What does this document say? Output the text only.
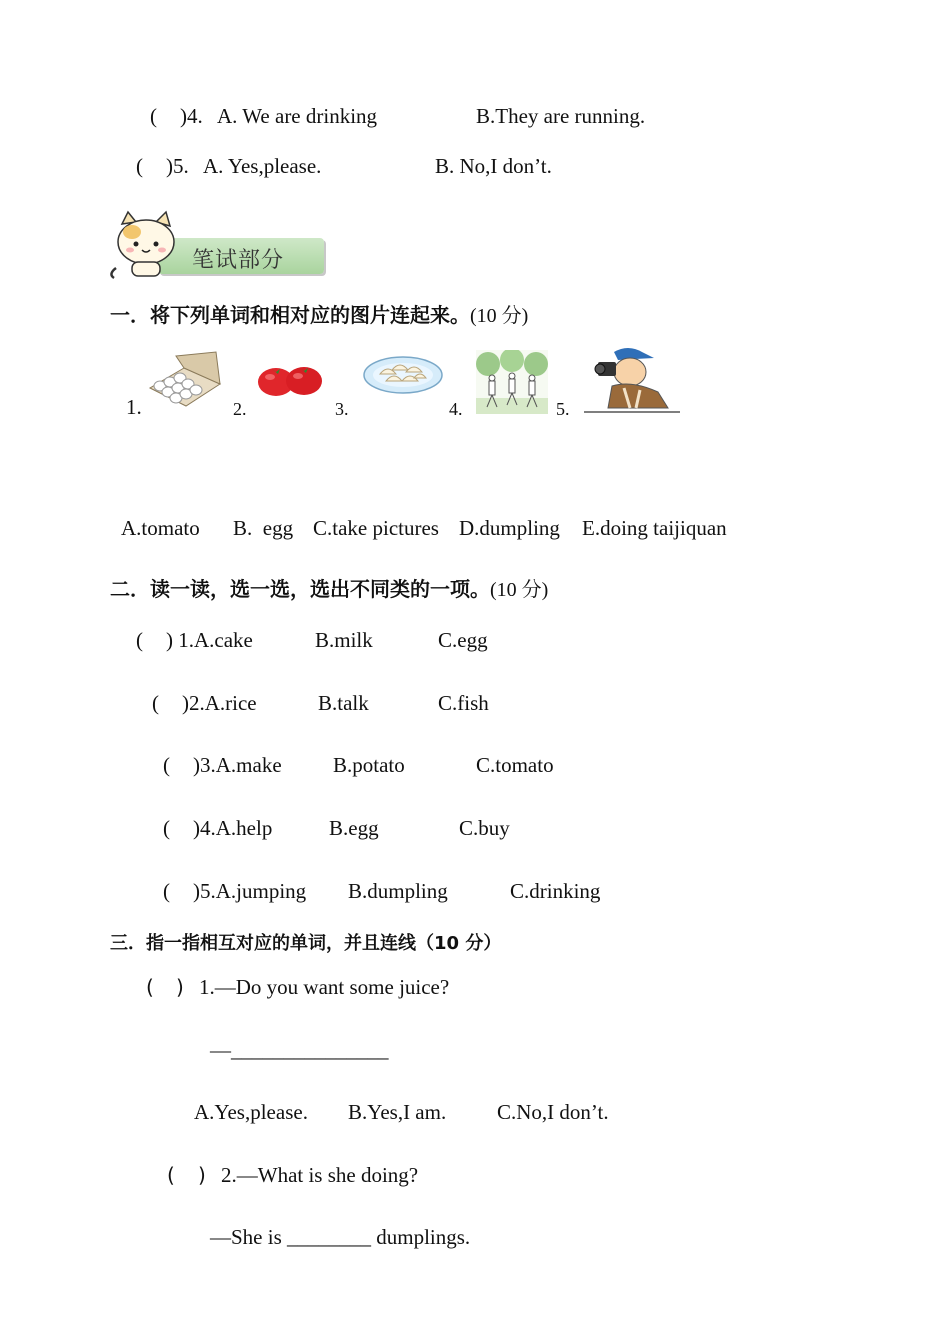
( )4. A. We are drinking	B.They are running.
( )5. A. Yes,please.	B. No,I don’t.
笔试部分
一．将下列单词和相对应的图片连起来。(10 分)
1.	2.	3.	4.	5.
A.tomato B.  egg C.take pictures D.dumpling E.doing taijiquan
二．读一读，选一选，选出不同类的一项。(10 分)
( ) 1.A.cake	B.milk	C.egg
( )2.A.rice	B.talk	C.fish
( )3.A.make B.potato	C.tomato
( )4.A.help	B.egg	C.buy
( )5.A.jumping B.dumpling	C.drinking
三．指一指相互对应的单词，并且连线（10 分）
( ) 1.—Do you want some juice?
—_______________
A.Yes,please. B.Yes,I am. C.No,I don’t.
( ) 2.—What is she doing?
—She is ________ dumplings.
